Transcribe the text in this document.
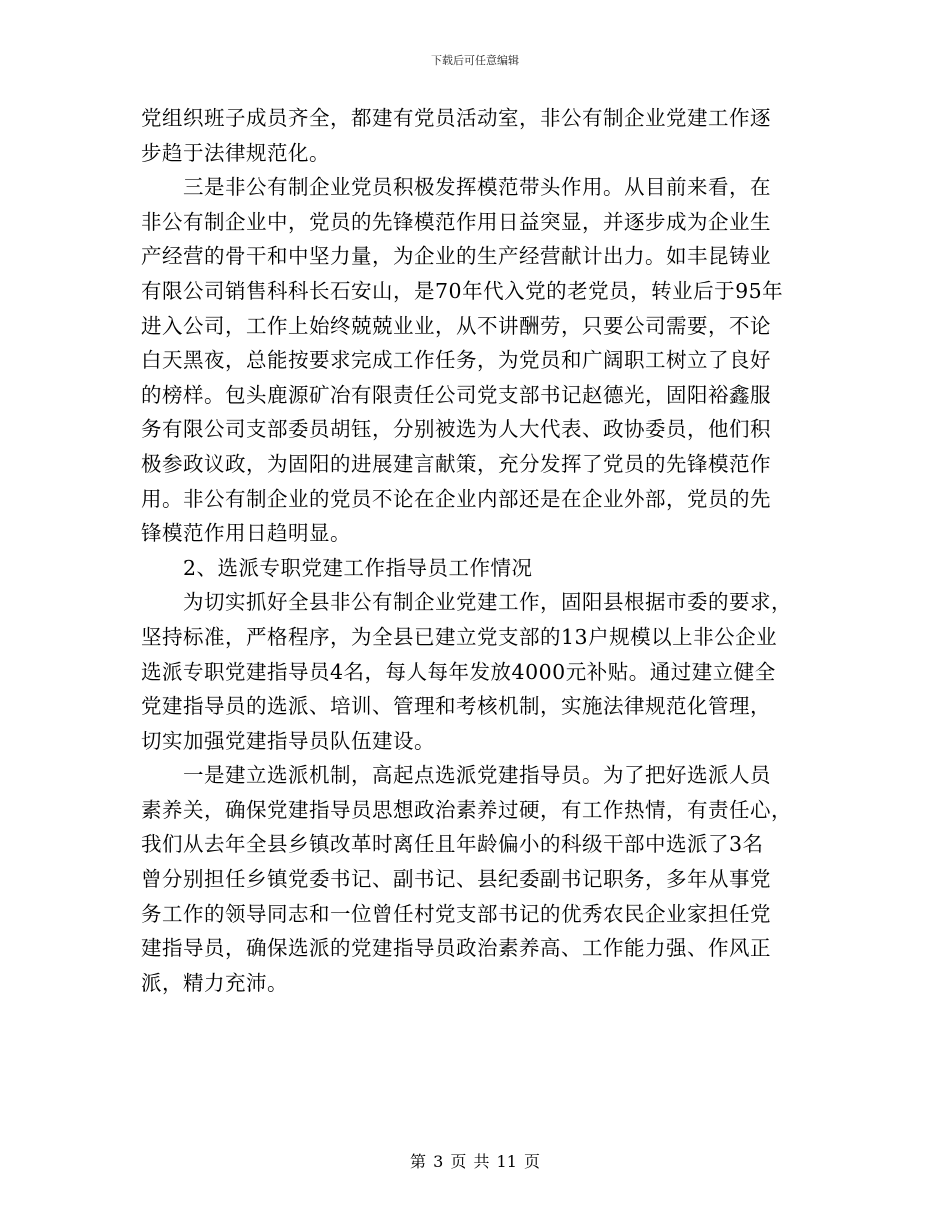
下载后可任意编辑
党组织班子成员齐全，都建有党员活动室，非公有制企业党建工作逐
步趋于法律规范化。
三是非公有制企业党员积极发挥模范带头作用。从目前来看，在
非公有制企业中，党员的先锋模范作用日益突显，并逐步成为企业生
产经营的骨干和中坚力量，为企业的生产经营献计出力。如丰昆铸业
有限公司销售科科长石安山，是70年代入党的老党员，转业后于95年
进入公司，工作上始终兢兢业业，从不讲酬劳，只要公司需要，不论
白天黑夜，总能按要求完成工作任务，为党员和广阔职工树立了良好
的榜样。包头鹿源矿冶有限责任公司党支部书记赵德光，固阳裕鑫服
务有限公司支部委员胡钰，分别被选为人大代表、政协委员，他们积
极参政议政，为固阳的进展建言献策，充分发挥了党员的先锋模范作
用。非公有制企业的党员不论在企业内部还是在企业外部，党员的先
锋模范作用日趋明显。
2、选派专职党建工作指导员工作情况
为切实抓好全县非公有制企业党建工作，固阳县根据市委的要求，
坚持标准，严格程序，为全县已建立党支部的13户规模以上非公企业
选派专职党建指导员4名，每人每年发放4000元补贴。通过建立健全
党建指导员的选派、培训、管理和考核机制，实施法律规范化管理，
切实加强党建指导员队伍建设。
一是建立选派机制，高起点选派党建指导员。为了把好选派人员
素养关，确保党建指导员思想政治素养过硬，有工作热情，有责任心，
我们从去年全县乡镇改革时离任且年龄偏小的科级干部中选派了3名
曾分别担任乡镇党委书记、副书记、县纪委副书记职务，多年从事党
务工作的领导同志和一位曾任村党支部书记的优秀农民企业家担任党
建指导员，确保选派的党建指导员政治素养高、工作能力强、作风正
派，精力充沛。
第 3 页 共 11 页
